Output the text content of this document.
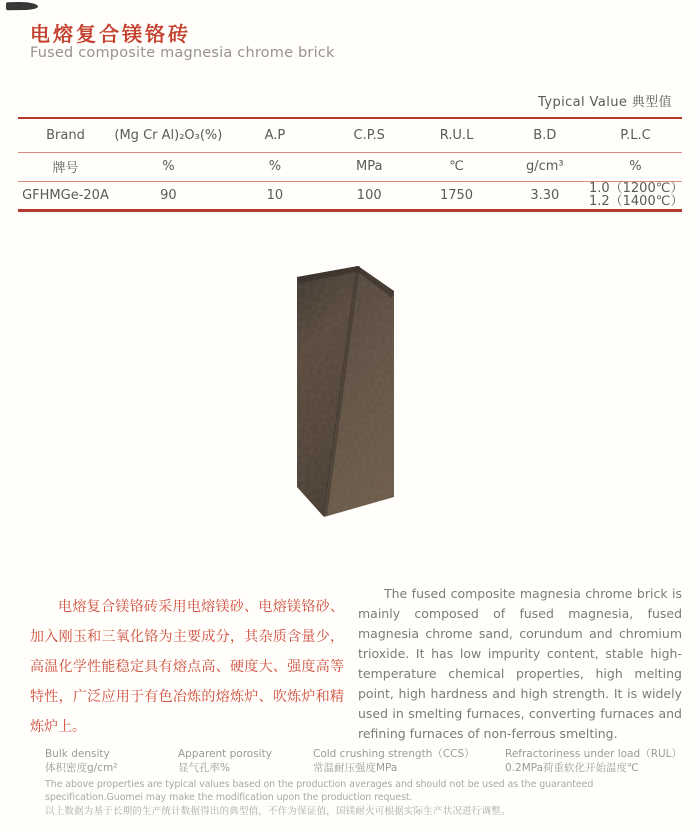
电熔复合镁铬砖
Fused composite magnesia chrome brick
Typical Value 典型值
Brand	(Mg Cr Al)₂O₃(%)	A.P	C.P.S	R.U.L	B.D	P.L.C
牌号	%	%	MPa	℃	g/cm³	%
GFHMGe-20A	90	10	100	1750	3.30	1.0（1200℃）
1.2（1400℃）

电熔复合镁铬砖采用电熔镁砂、电熔镁铬砂、加入刚玉和三氧化铬为主要成分，其杂质含量少，高温化学性能稳定具有熔点高、硬度大、强度高等特性，广泛应用于有色冶炼的熔炼炉、吹炼炉和精炼炉上。

The fused composite magnesia chrome brick is mainly composed of fused magnesia, fused magnesia chrome sand, corundum and chromium trioxide. It has low impurity content, stable high-temperature chemical properties, high melting point, high hardness and high strength. It is widely used in smelting furnaces, converting furnaces and refining furnaces of non-ferrous smelting.

Bulk density
体积密度g/cm²
Apparent porosity
显气孔率%
Cold crushing strength（CCS）
常温耐压强度MPa
Refractoriness under load（RUL）
0.2MPa荷重软化开始温度℃
The above properties are typical values based on the production averages and should not be used as the guaranteed specification.Guomei may make the modification upon the production request.
以上数据为基于长期的生产统计数据得出的典型值，不作为保证值，国镁耐火可根据实际生产状况进行调整。
